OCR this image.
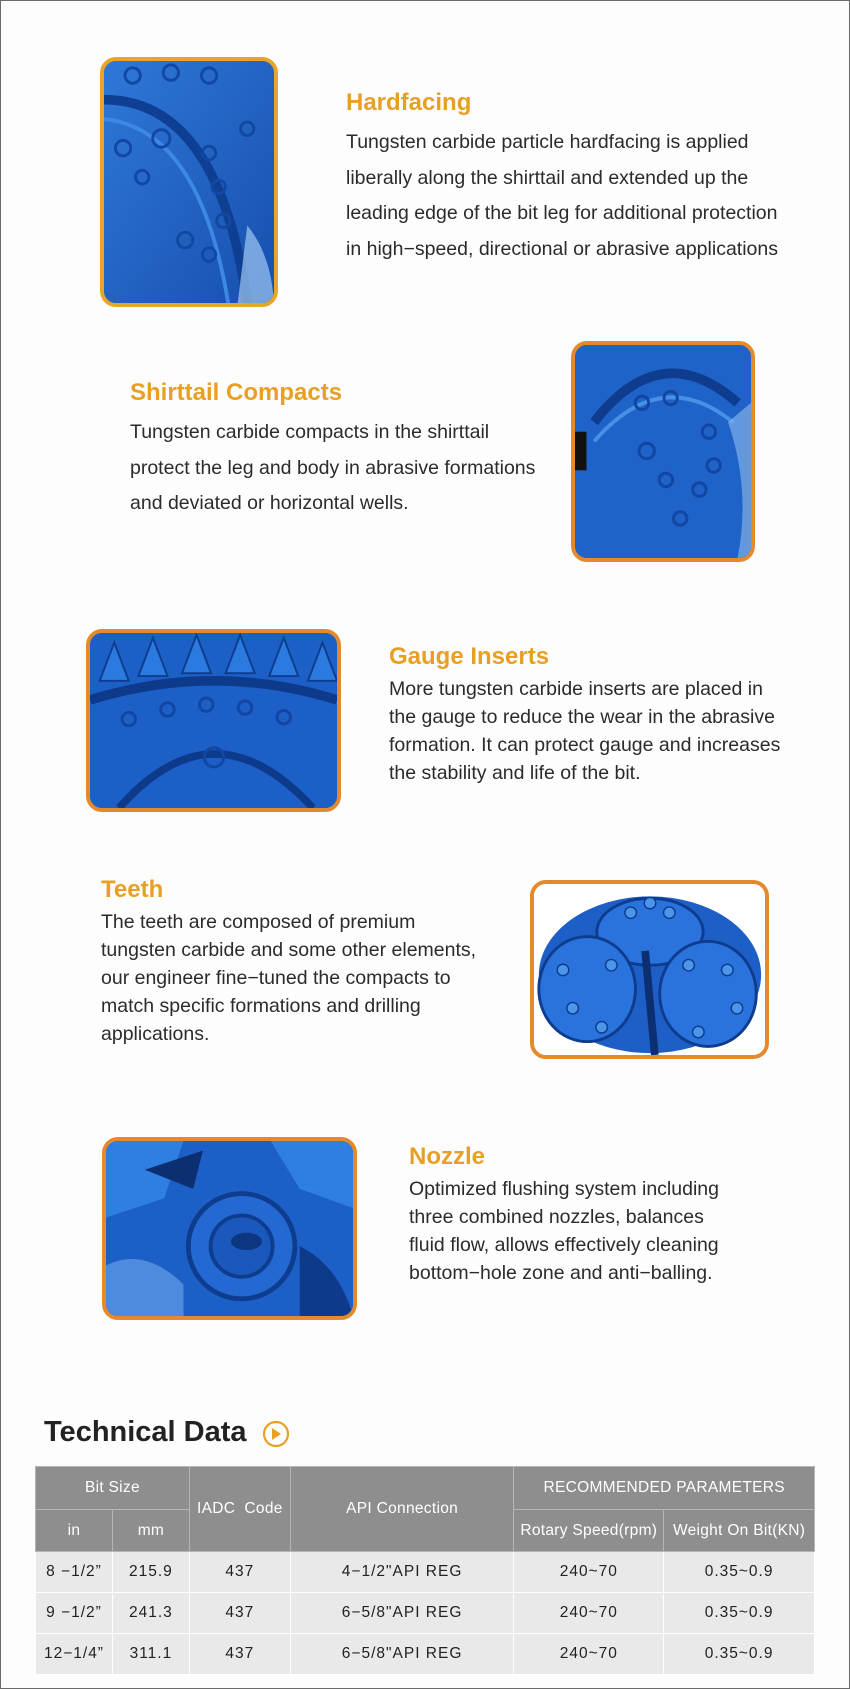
Hardfacing
Tungsten carbide particle hardfacing is applied
liberally along the shirttail and extended up the
leading edge of the bit leg for additional protection
in high−speed, directional or abrasive applications
Shirttail Compacts
Tungsten carbide compacts in the shirttail
protect the leg and body in abrasive formations
and deviated or horizontal wells.
Gauge Inserts
More tungsten carbide inserts are placed in
the gauge to reduce the wear in the abrasive
formation. It can protect gauge and increases
the stability and life of the bit.
Teeth
The teeth are composed of premium
tungsten carbide and some other elements,
our engineer fine−tuned the compacts to
match specific formations and drilling
applications.
Nozzle
Optimized flushing system including
three combined nozzles, balances
fluid flow, allows effectively cleaning
bottom−hole zone and anti−balling.
Technical Data
Bit Size		IADC  Code	API Connection	RECOMMENDED PARAMETERS	
in	mm			Rotary Speed(rpm)	Weight On Bit(KN)
8 −1/2”	215.9	437	4−1/2"API REG	240~70	0.35~0.9
9 −1/2”	241.3	437	6−5/8"API REG	240~70	0.35~0.9
12−1/4”	311.1	437	6−5/8"API REG	240~70	0.35~0.9
